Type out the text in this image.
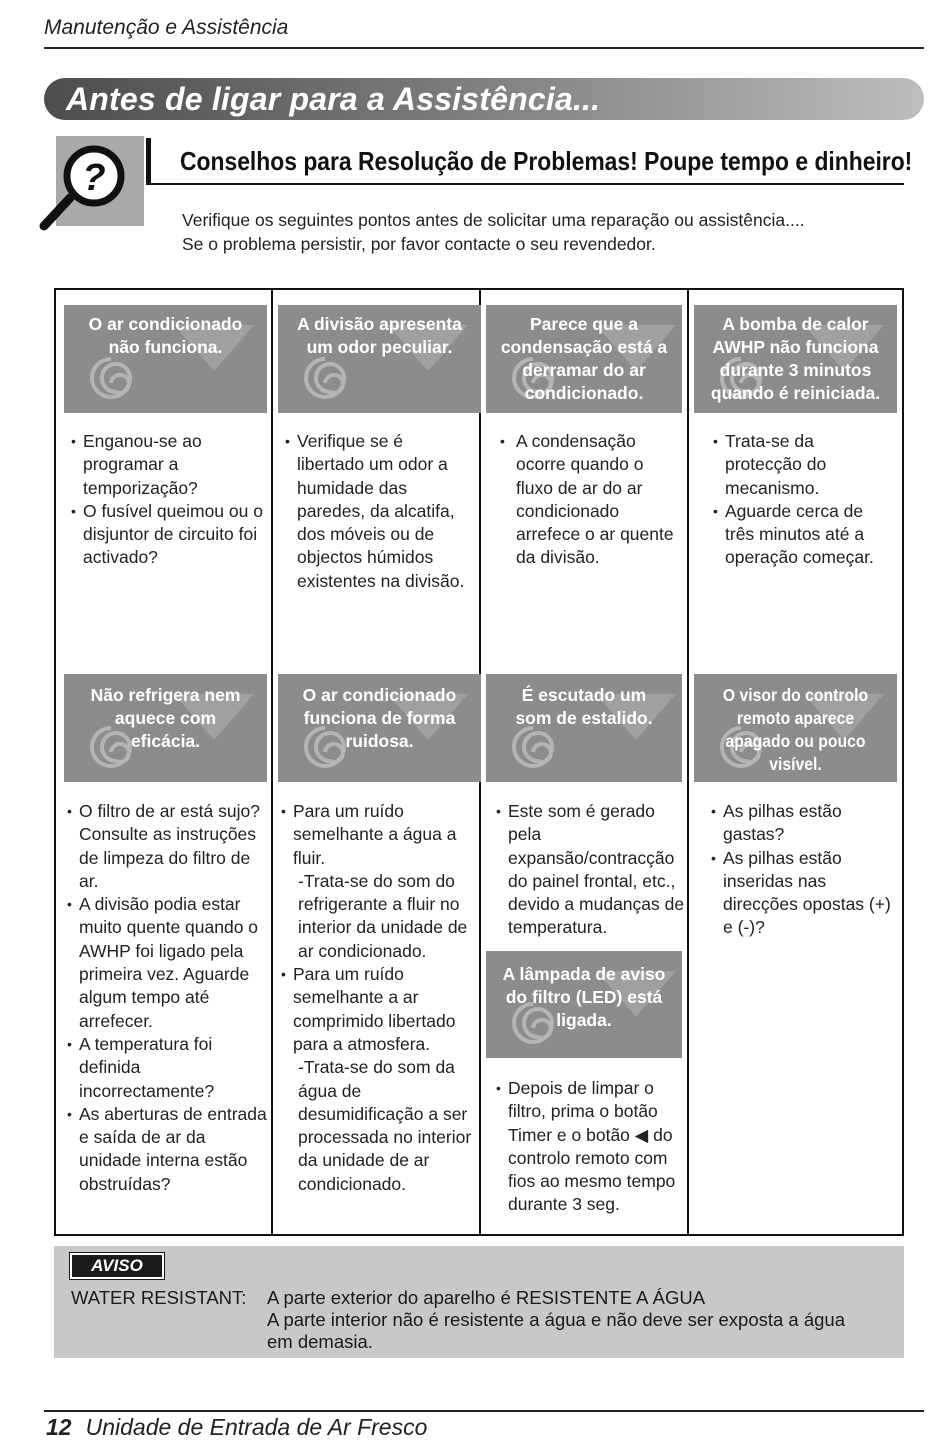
Manutenção e Assistência
Antes de ligar para a Assistência...
?	Conselhos para Resolução de Problemas! Poupe tempo e dinheiro!
Verifique os seguintes pontos antes de solicitar uma reparação ou assistência....
Se o problema persistir, por favor contacte o seu revendedor.
O ar condicionado não funciona.
A divisão apresenta um odor peculiar.
Parece que a condensação está a derramar do ar condicionado.
A bomba de calor AWHP não funciona durante 3 minutos quando é reiniciada.
• Enganou-se ao programar a temporização?
• O fusível queimou ou o disjuntor de circuito foi activado?
• Verifique se é libertado um odor a humidade das paredes, da alcatifa, dos móveis ou de objectos húmidos existentes na divisão.
• A condensação ocorre quando o fluxo de ar do ar condicionado arrefece o ar quente da divisão.
• Trata-se da protecção do mecanismo.
• Aguarde cerca de três minutos até a operação começar.
Não refrigera nem aquece com eficácia.
O ar condicionado funciona de forma ruidosa.
É escutado um som de estalido.
O visor do controlo remoto aparece apagado ou pouco visível.
• O filtro de ar está sujo? Consulte as instruções de limpeza do filtro de ar.
• A divisão podia estar muito quente quando o AWHP foi ligado pela primeira vez. Aguarde algum tempo até arrefecer.
• A temperatura foi definida incorrectamente?
• As aberturas de entrada e saída de ar da unidade interna estão obstruídas?
• Para um ruído semelhante a água a fluir.
-Trata-se do som do refrigerante a fluir no interior da unidade de ar condicionado.
• Para um ruído semelhante a ar comprimido libertado para a atmosfera.
-Trata-se do som da água de desumidificação a ser processada no interior da unidade de ar condicionado.
• Este som é gerado pela expansão/contracção do painel frontal, etc., devido a mudanças de temperatura.
• As pilhas estão gastas?
• As pilhas estão inseridas nas direcções opostas (+) e (-)?
A lâmpada de aviso do filtro (LED) está ligada.
• Depois de limpar o filtro, prima o botão Timer e o botão ◀ do controlo remoto com fios ao mesmo tempo durante 3 seg.
AVISO
WATER RESISTANT: A parte exterior do aparelho é RESISTENTE A ÁGUA
A parte interior não é resistente a água e não deve ser exposta a água
em demasia.
12 Unidade de Entrada de Ar Fresco
